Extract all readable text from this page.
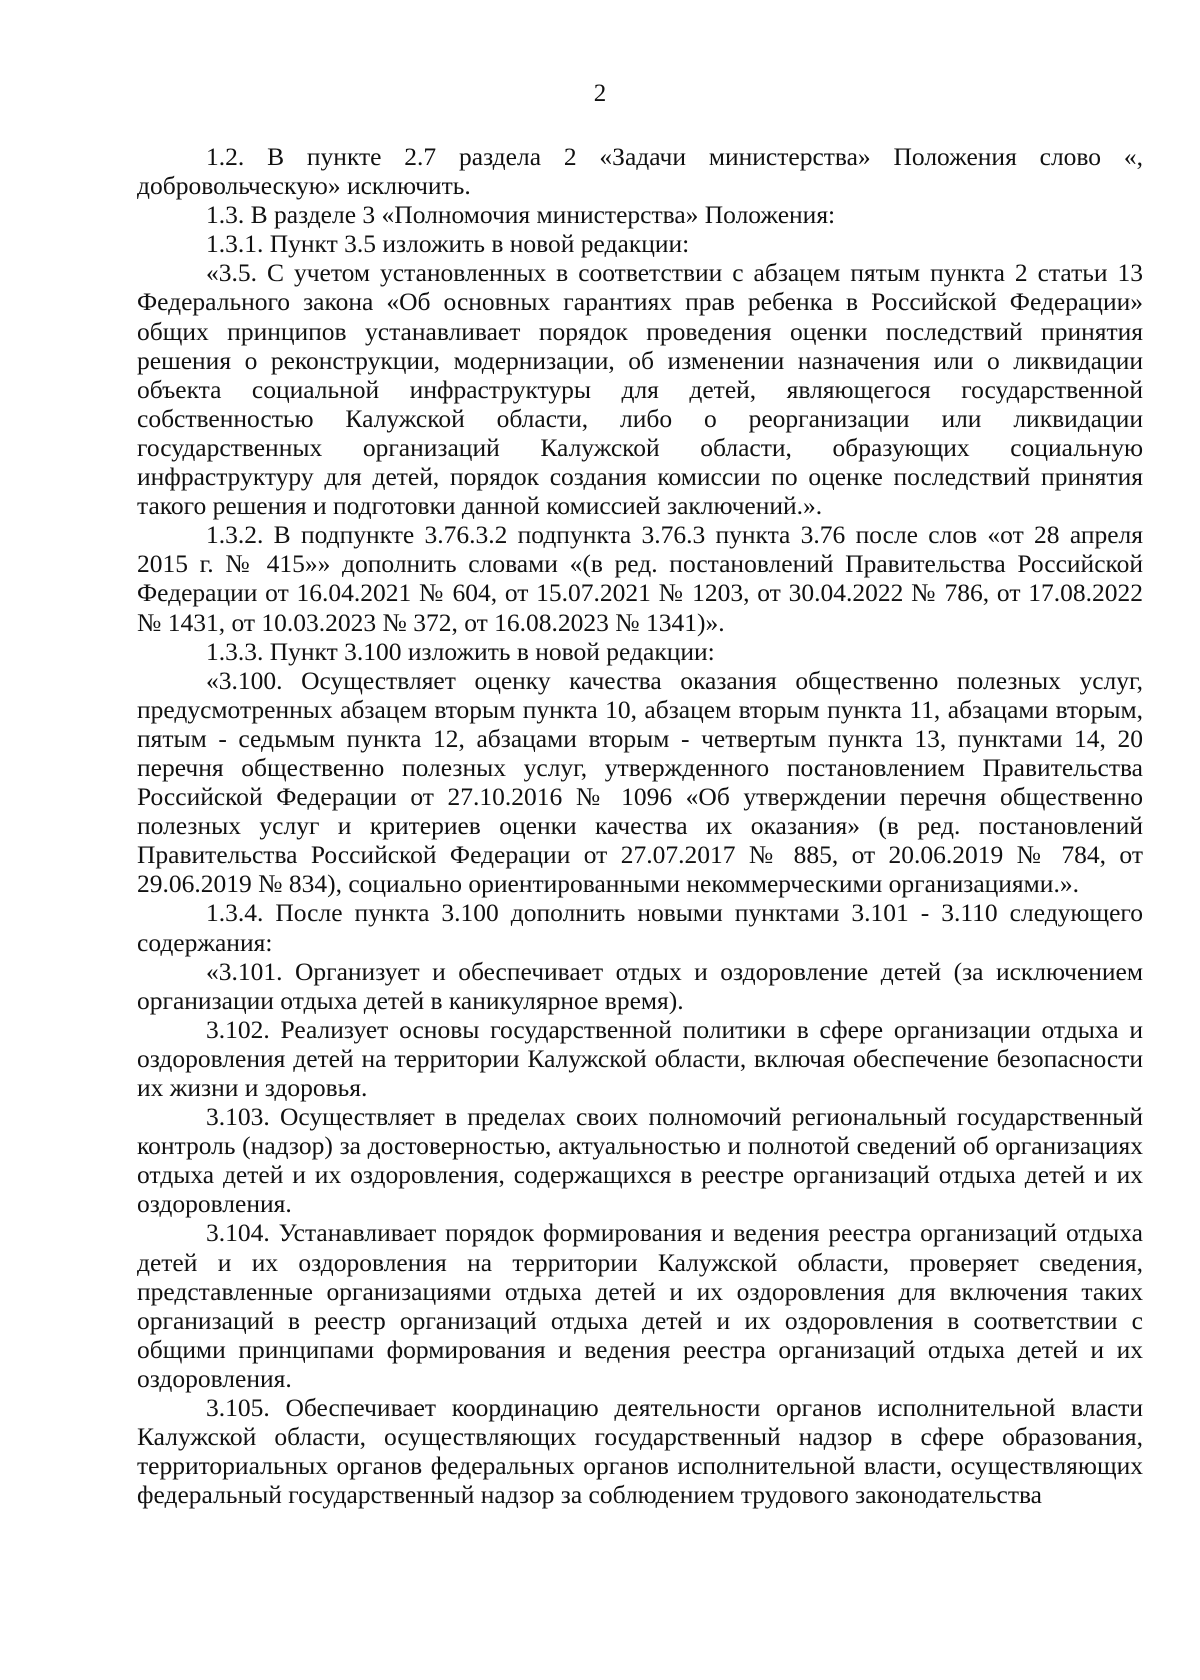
2

1.2. В пункте 2.7 раздела 2 «Задачи министерства» Положения слово «, добровольческую» исключить.

1.3. В разделе 3 «Полномочия министерства» Положения:

1.3.1. Пункт 3.5 изложить в новой редакции:

«3.5. С учетом установленных в соответствии с абзацем пятым пункта 2 статьи 13 Федерального закона «Об основных гарантиях прав ребенка в Российской Федерации» общих принципов устанавливает порядок проведения оценки последствий принятия решения о реконструкции, модернизации, об изменении назначения или о ликвидации объекта социальной инфраструктуры для детей, являющегося государственной собственностью Калужской области, либо о реорганизации или ликвидации государственных организаций Калужской области, образующих социальную инфраструктуру для детей, порядок создания комиссии по оценке последствий принятия такого решения и подготовки данной комиссией заключений.».

1.3.2. В подпункте 3.76.3.2 подпункта 3.76.3 пункта 3.76 после слов «от 28 апреля 2015 г. № 415»» дополнить словами «(в ред. постановлений Правительства Российской Федерации от 16.04.2021 № 604, от 15.07.2021 № 1203, от 30.04.2022 № 786, от 17.08.2022 № 1431, от 10.03.2023 № 372, от 16.08.2023 № 1341)».

1.3.3. Пункт 3.100 изложить в новой редакции:

«3.100. Осуществляет оценку качества оказания общественно полезных услуг, предусмотренных абзацем вторым пункта 10, абзацем вторым пункта 11, абзацами вторым, пятым - седьмым пункта 12, абзацами вторым - четвертым пункта 13, пунктами 14, 20 перечня общественно полезных услуг, утвержденного постановлением Правительства Российской Федерации от 27.10.2016 № 1096 «Об утверждении перечня общественно полезных услуг и критериев оценки качества их оказания» (в ред. постановлений Правительства Российской Федерации от 27.07.2017 № 885, от 20.06.2019 № 784, от 29.06.2019 № 834), социально ориентированными некоммерческими организациями.».

1.3.4. После пункта 3.100 дополнить новыми пунктами 3.101 - 3.110 следующего содержания:

«3.101. Организует и обеспечивает отдых и оздоровление детей (за исключением организации отдыха детей в каникулярное время).

3.102. Реализует основы государственной политики в сфере организации отдыха и оздоровления детей на территории Калужской области, включая обеспечение безопасности их жизни и здоровья.

3.103. Осуществляет в пределах своих полномочий региональный государственный контроль (надзор) за достоверностью, актуальностью и полнотой сведений об организациях отдыха детей и их оздоровления, содержащихся в реестре организаций отдыха детей и их оздоровления.

3.104. Устанавливает порядок формирования и ведения реестра организаций отдыха детей и их оздоровления на территории Калужской области, проверяет сведения, представленные организациями отдыха детей и их оздоровления для включения таких организаций в реестр организаций отдыха детей и их оздоровления в соответствии с общими принципами формирования и ведения реестра организаций отдыха детей и их оздоровления.

3.105. Обеспечивает координацию деятельности органов исполнительной власти Калужской области, осуществляющих государственный надзор в сфере образования, территориальных органов федеральных органов исполнительной власти, осуществляющих федеральный государственный надзор за соблюдением трудового законодательства
